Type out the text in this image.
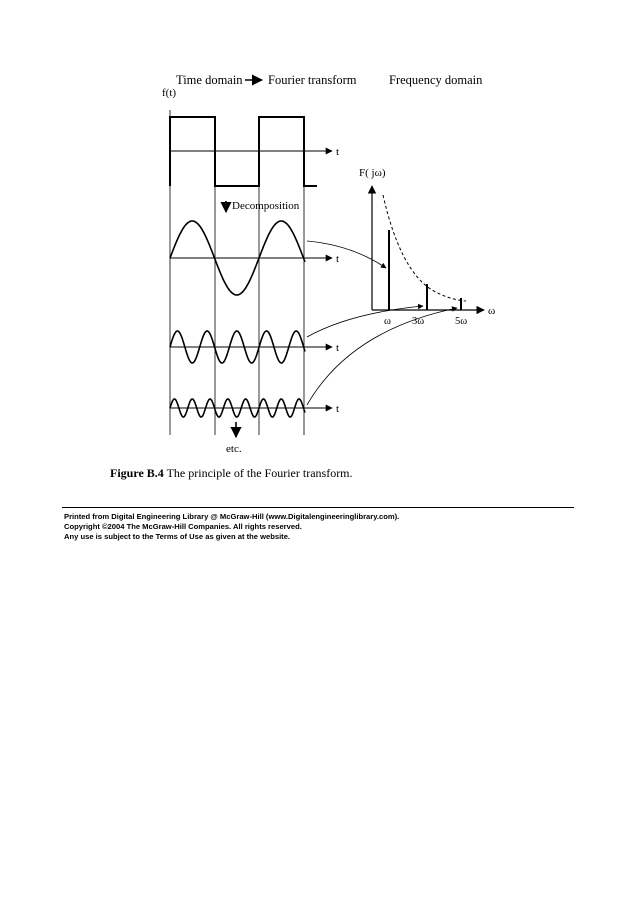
Time domain Fourier transform	Frequency domain
f(t)
t
Decomposition
t
t
t
etc.
F( jω)
ω
ω 3ω	5ω
Figure B.4 The principle of the Fourier transform.
Printed from Digital Engineering Library @ McGraw-Hill (www.Digitalengineeringlibrary.com).
Copyright ©2004 The McGraw-Hill Companies. All rights reserved.
Any use is subject to the Terms of Use as given at the website.
